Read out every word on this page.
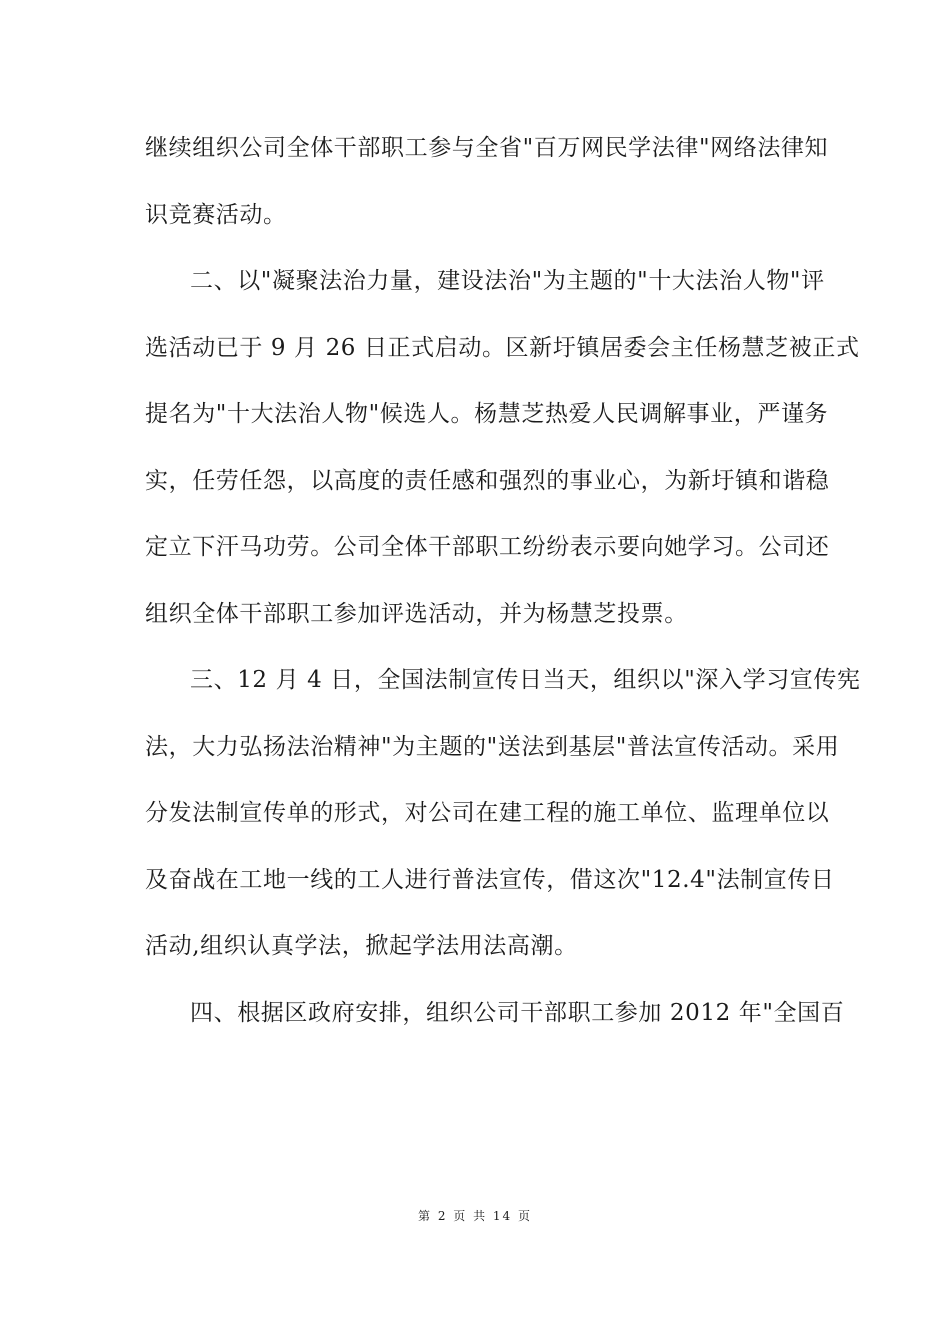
继续组织公司全体干部职工参与全省"百万网民学法律"网络法律知
识竞赛活动。
二、以"凝聚法治力量，建设法治"为主题的"十大法治人物"评
选活动已于 9 月 26 日正式启动。区新圩镇居委会主任杨慧芝被正式
提名为"十大法治人物"候选人。杨慧芝热爱人民调解事业，严谨务
实，任劳任怨，以高度的责任感和强烈的事业心，为新圩镇和谐稳
定立下汗马功劳。公司全体干部职工纷纷表示要向她学习。公司还
组织全体干部职工参加评选活动，并为杨慧芝投票。
三、12 月 4 日，全国法制宣传日当天，组织以"深入学习宣传宪
法，大力弘扬法治精神"为主题的"送法到基层"普法宣传活动。采用
分发法制宣传单的形式，对公司在建工程的施工单位、监理单位以
及奋战在工地一线的工人进行普法宣传，借这次"12.4"法制宣传日
活动,组织认真学法，掀起学法用法高潮。
四、根据区政府安排，组织公司干部职工参加 2012 年"全国百
第 2 页 共 14 页
